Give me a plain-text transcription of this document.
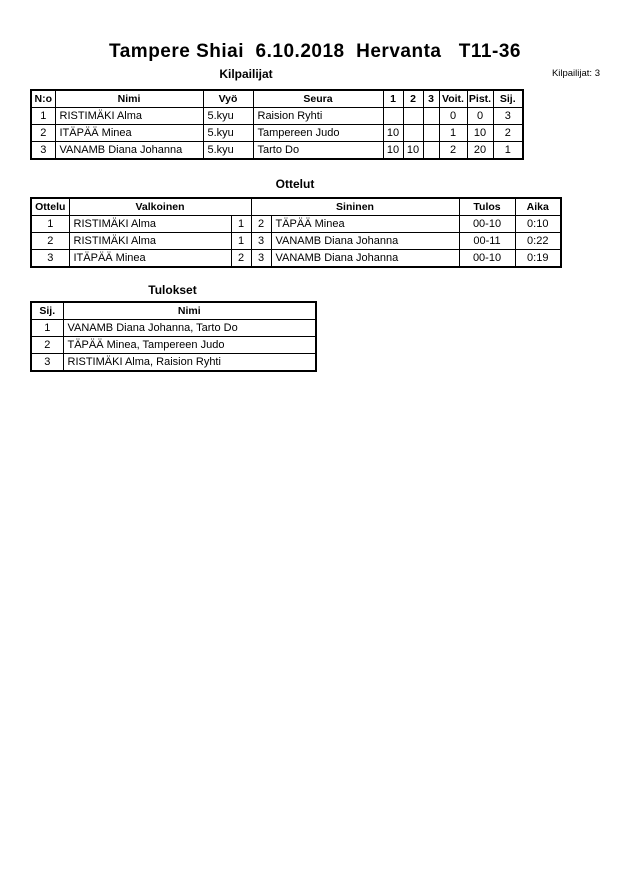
Tampere Shiai  6.10.2018  Hervanta   T11-36
Kilpailijat	Kilpailijat: 3
N:o	Nimi	Vyö	Seura	1	2	3	Voit.	Pist.	Sij.
1	RISTIMÄKI Alma	5.kyu	Raision Ryhti				0	0	3
2	ITÄPÄÄ Minea	5.kyu	Tampereen Judo	10			1	10	2
3	VANAMB Diana Johanna	5.kyu	Tarto Do	10	10		2	20	1
Ottelut
Ottelu	Valkoinen		Sininen		Tulos	Aika
1	RISTIMÄKI Alma	1	2	TÄPÄÄ Minea	00-10	0:10
2	RISTIMÄKI Alma	1	3	VANAMB Diana Johanna	00-11	0:22
3	ITÄPÄÄ Minea	2	3	VANAMB Diana Johanna	00-10	0:19
Tulokset
Sij.	Nimi
1	VANAMB Diana Johanna, Tarto Do
2	TÄPÄÄ Minea, Tampereen Judo
3	RISTIMÄKI Alma, Raision Ryhti
